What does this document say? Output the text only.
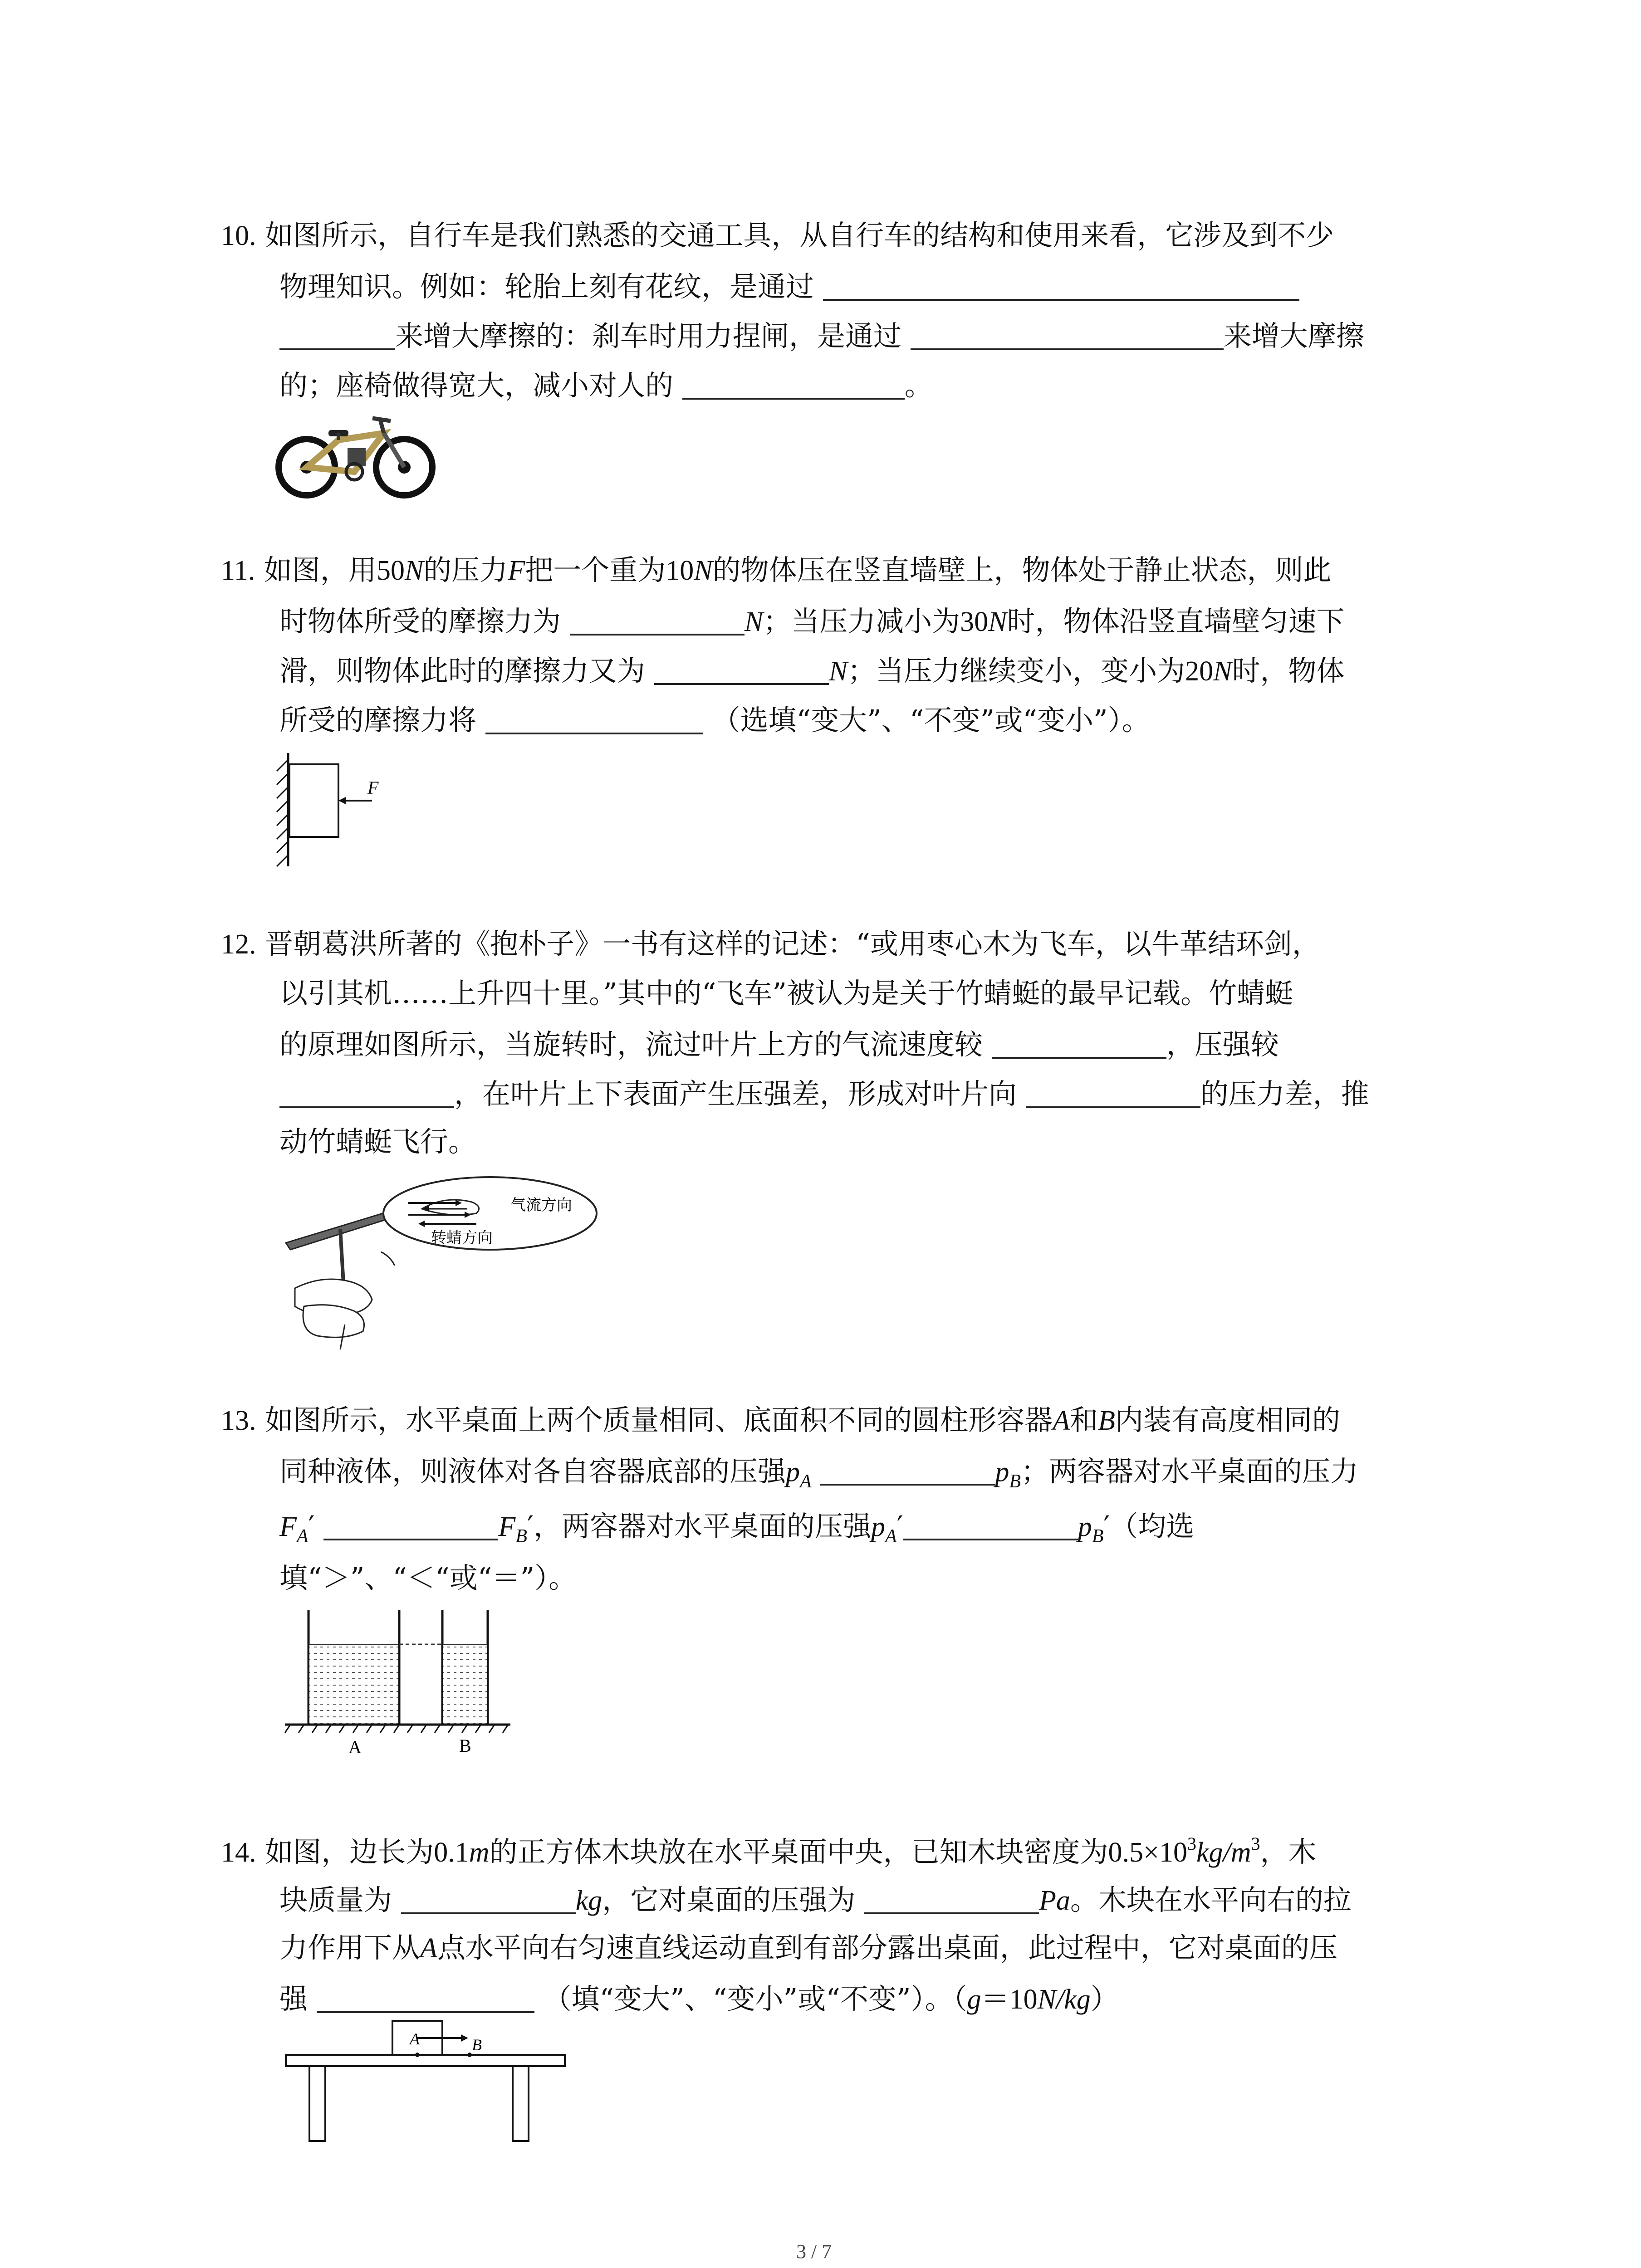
10. 如图所示，自行车是我们熟悉的交通工具，从自行车的结构和使用来看，它涉及到不少
物理知识。例如：轮胎上刻有花纹，是通过
来增大摩擦的：刹车时用力捏闸，是通过	来增大摩擦
的；座椅做得宽大，减小对人的	。
11. 如图，用50N的压力F把一个重为10N的物体压在竖直墙壁上，物体处于静止状态，则此
时物体所受的摩擦力为	N；当压力减小为30N时，物体沿竖直墙壁匀速下
滑，则物体此时的摩擦力又为	N；当压力继续变小，变小为20N时，物体
所受的摩擦力将	（选填“变大”、“不变”或“变小”）。
F
12. 晋朝葛洪所著的《抱朴子》一书有这样的记述：“或用枣心木为飞车，以牛革结环剑，
以引其机……上升四十里。”其中的“飞车”被认为是关于竹蜻蜓的最早记载。竹蜻蜓
的原理如图所示，当旋转时，流过叶片上方的气流速度较	，压强较
，在叶片上下表面产生压强差，形成对叶片向	的压力差，推
动竹蜻蜓飞行。
气流方向
转蜻方向
13. 如图所示，水平桌面上两个质量相同、底面积不同的圆柱形容器A和B内装有高度相同的
同种液体，则液体对各自容器底部的压强$p_A$	$p_B$；两容器对水平桌面的压力
$F_A'$	$F_B'$，两容器对水平桌面的压强$p_A'$	$p_B'$（均选
填“＞”、“＜“或“＝”）。
A	B
14. 如图，边长为0.1m的正方体木块放在水平桌面中央，已知木块密度为$0.5\times 10^3kg/m^3$，木
块质量为	kg，它对桌面的压强为	Pa。木块在水平向右的拉
力作用下从A点水平向右匀速直线运动直到有部分露出桌面，此过程中，它对桌面的压
强	（填“变大”、“变小”或“不变”）。（g＝10N/kg）
A	B
3 / 7
